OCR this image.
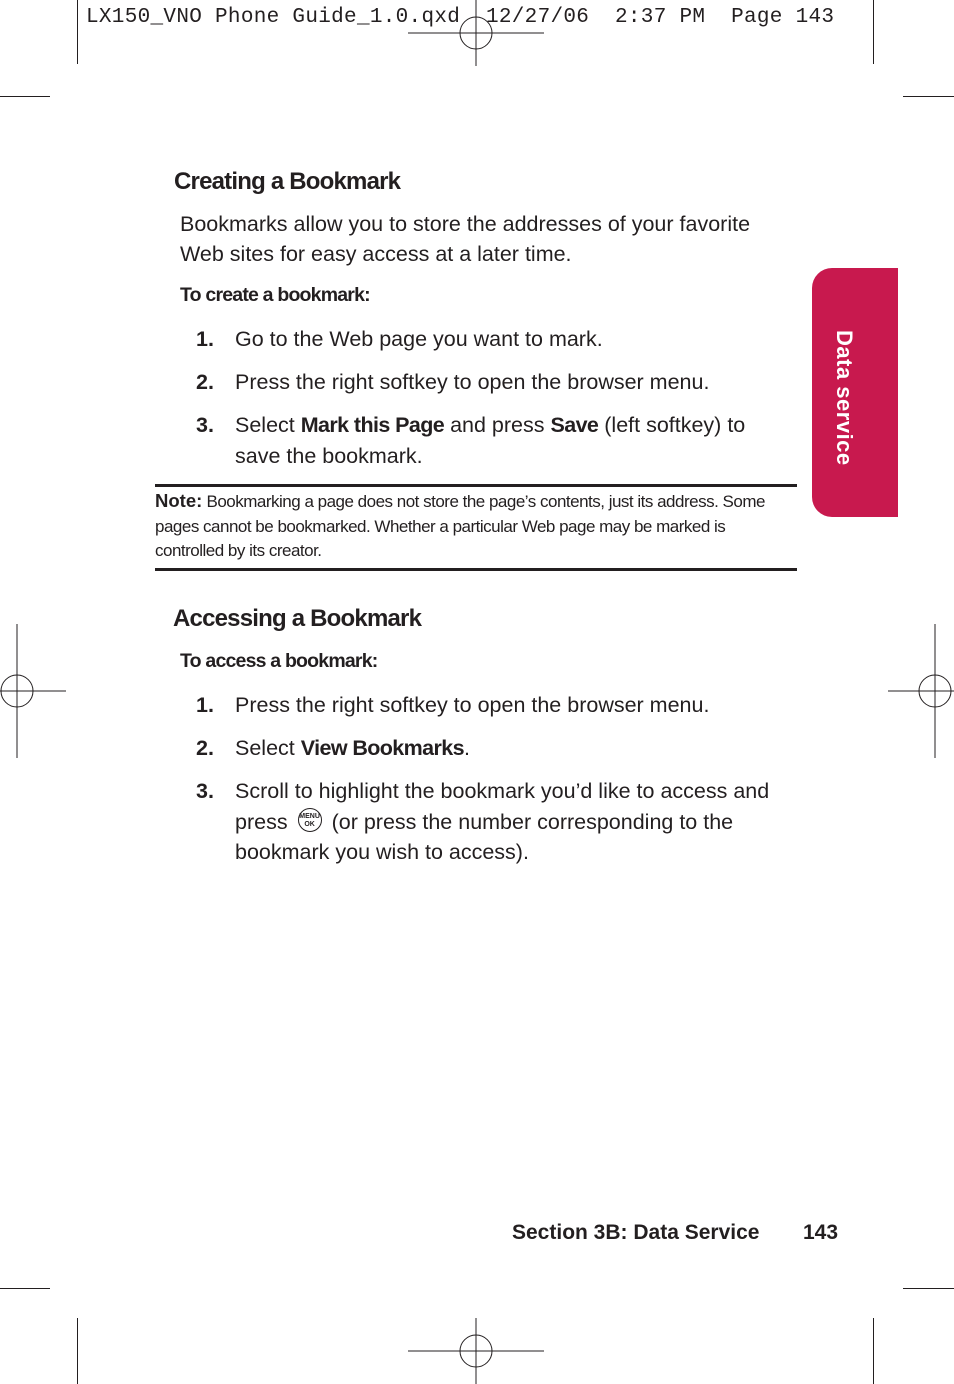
LX150_VNO Phone Guide_1.0.qxd  12/27/06  2:37 PM  Page 143
Data service
Creating a Bookmark
Bookmarks allow you to store the addresses of your favorite
Web sites for easy access at a later time.
To create a bookmark:
1. Go to the Web page you want to mark.
2. Press the right softkey to open the browser menu.
3. Select Mark this Page and press Save (left softkey) to save the bookmark.
Note: Bookmarking a page does not store the page’s contents, just its address. Some pages cannot be bookmarked. Whether a particular Web page may be marked is controlled by its creator.
Accessing a Bookmark
To access a bookmark:
1. Press the right softkey to open the browser menu.
2. Select View Bookmarks.
3. Scroll to highlight the bookmark you’d like to access and press MENU
OK (or press the number corresponding to the bookmark you wish to access).
Section 3B: Data Service 143
